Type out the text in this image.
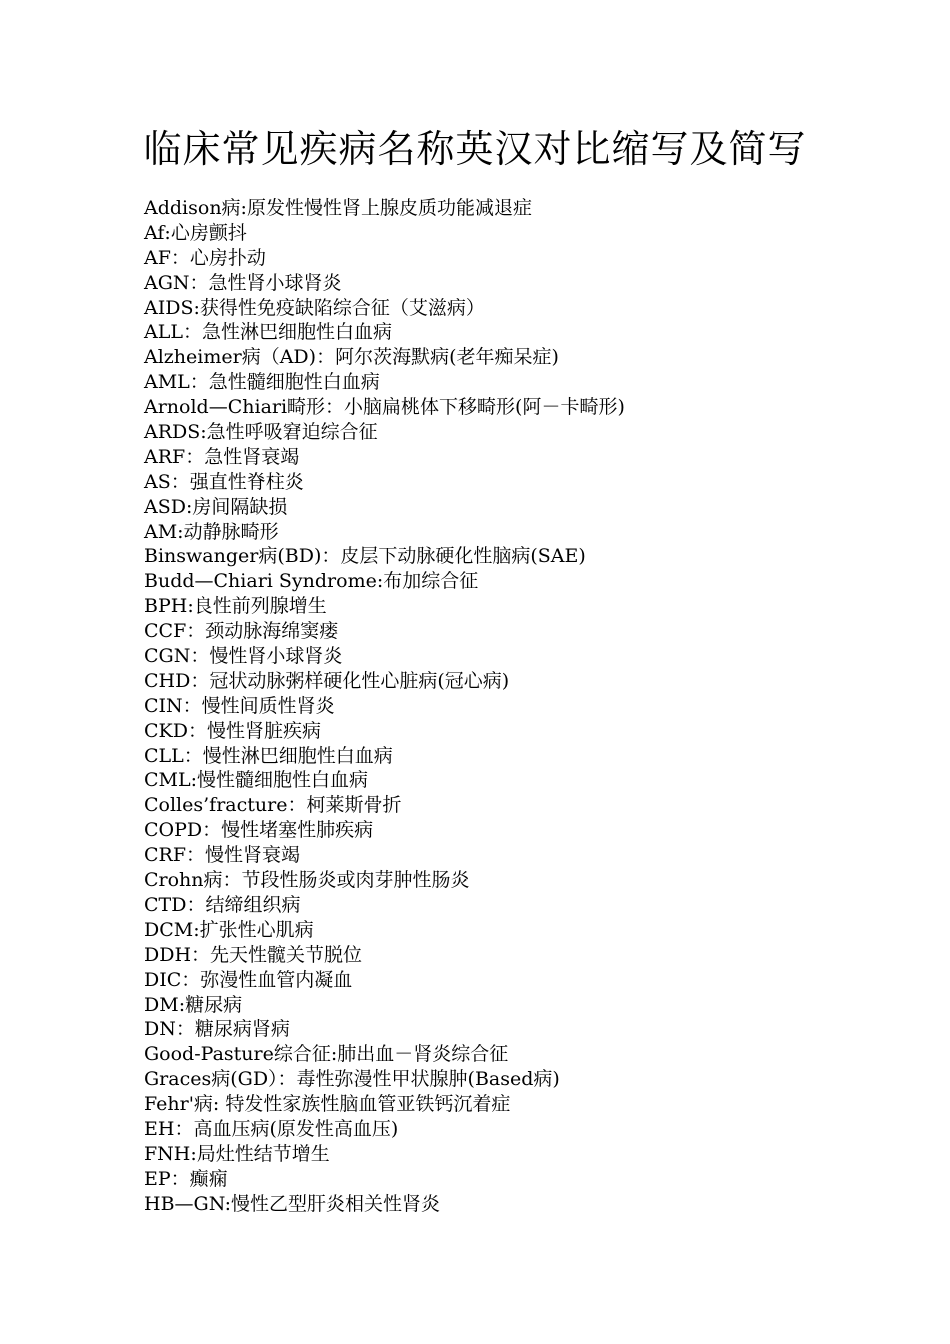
临床常见疾病名称英汉对比缩写及简写
Addison病:原发性慢性肾上腺皮质功能减退症
Af:心房颤抖
AF：心房扑动
AGN：急性肾小球肾炎
AIDS:获得性免疫缺陷综合征（艾滋病）
ALL：急性淋巴细胞性白血病
Alzheimer病（AD)：阿尔茨海默病(老年痴呆症)
AML：急性髓细胞性白血病
Arnold—Chiari畸形：小脑扁桃体下移畸形(阿－卡畸形)
ARDS:急性呼吸窘迫综合征
ARF：急性肾衰竭
AS：强直性脊柱炎
ASD:房间隔缺损
AM:动静脉畸形
Binswanger病(BD)：皮层下动脉硬化性脑病(SAE)
Budd—Chiari Syndrome:布加综合征
BPH:良性前列腺增生
CCF：颈动脉海绵窦瘘
CGN：慢性肾小球肾炎
CHD：冠状动脉粥样硬化性心脏病(冠心病)
CIN：慢性间质性肾炎
CKD：慢性肾脏疾病
CLL：慢性淋巴细胞性白血病
CML:慢性髓细胞性白血病
Colles’fracture：柯莱斯骨折
COPD：慢性堵塞性肺疾病
CRF：慢性肾衰竭
Crohn病：节段性肠炎或肉芽肿性肠炎
CTD：结缔组织病
DCM:扩张性心肌病
DDH：先天性髋关节脱位
DIC：弥漫性血管内凝血
DM:糖尿病
DN：糖尿病肾病
Good-Pasture综合征:肺出血－肾炎综合征
Graces病(GD）：毒性弥漫性甲状腺肿(Based病)
Fehr'病: 特发性家族性脑血管亚铁钙沉着症
EH：高血压病(原发性高血压)
FNH:局灶性结节增生
EP：癫痫
HB—GN:慢性乙型肝炎相关性肾炎
